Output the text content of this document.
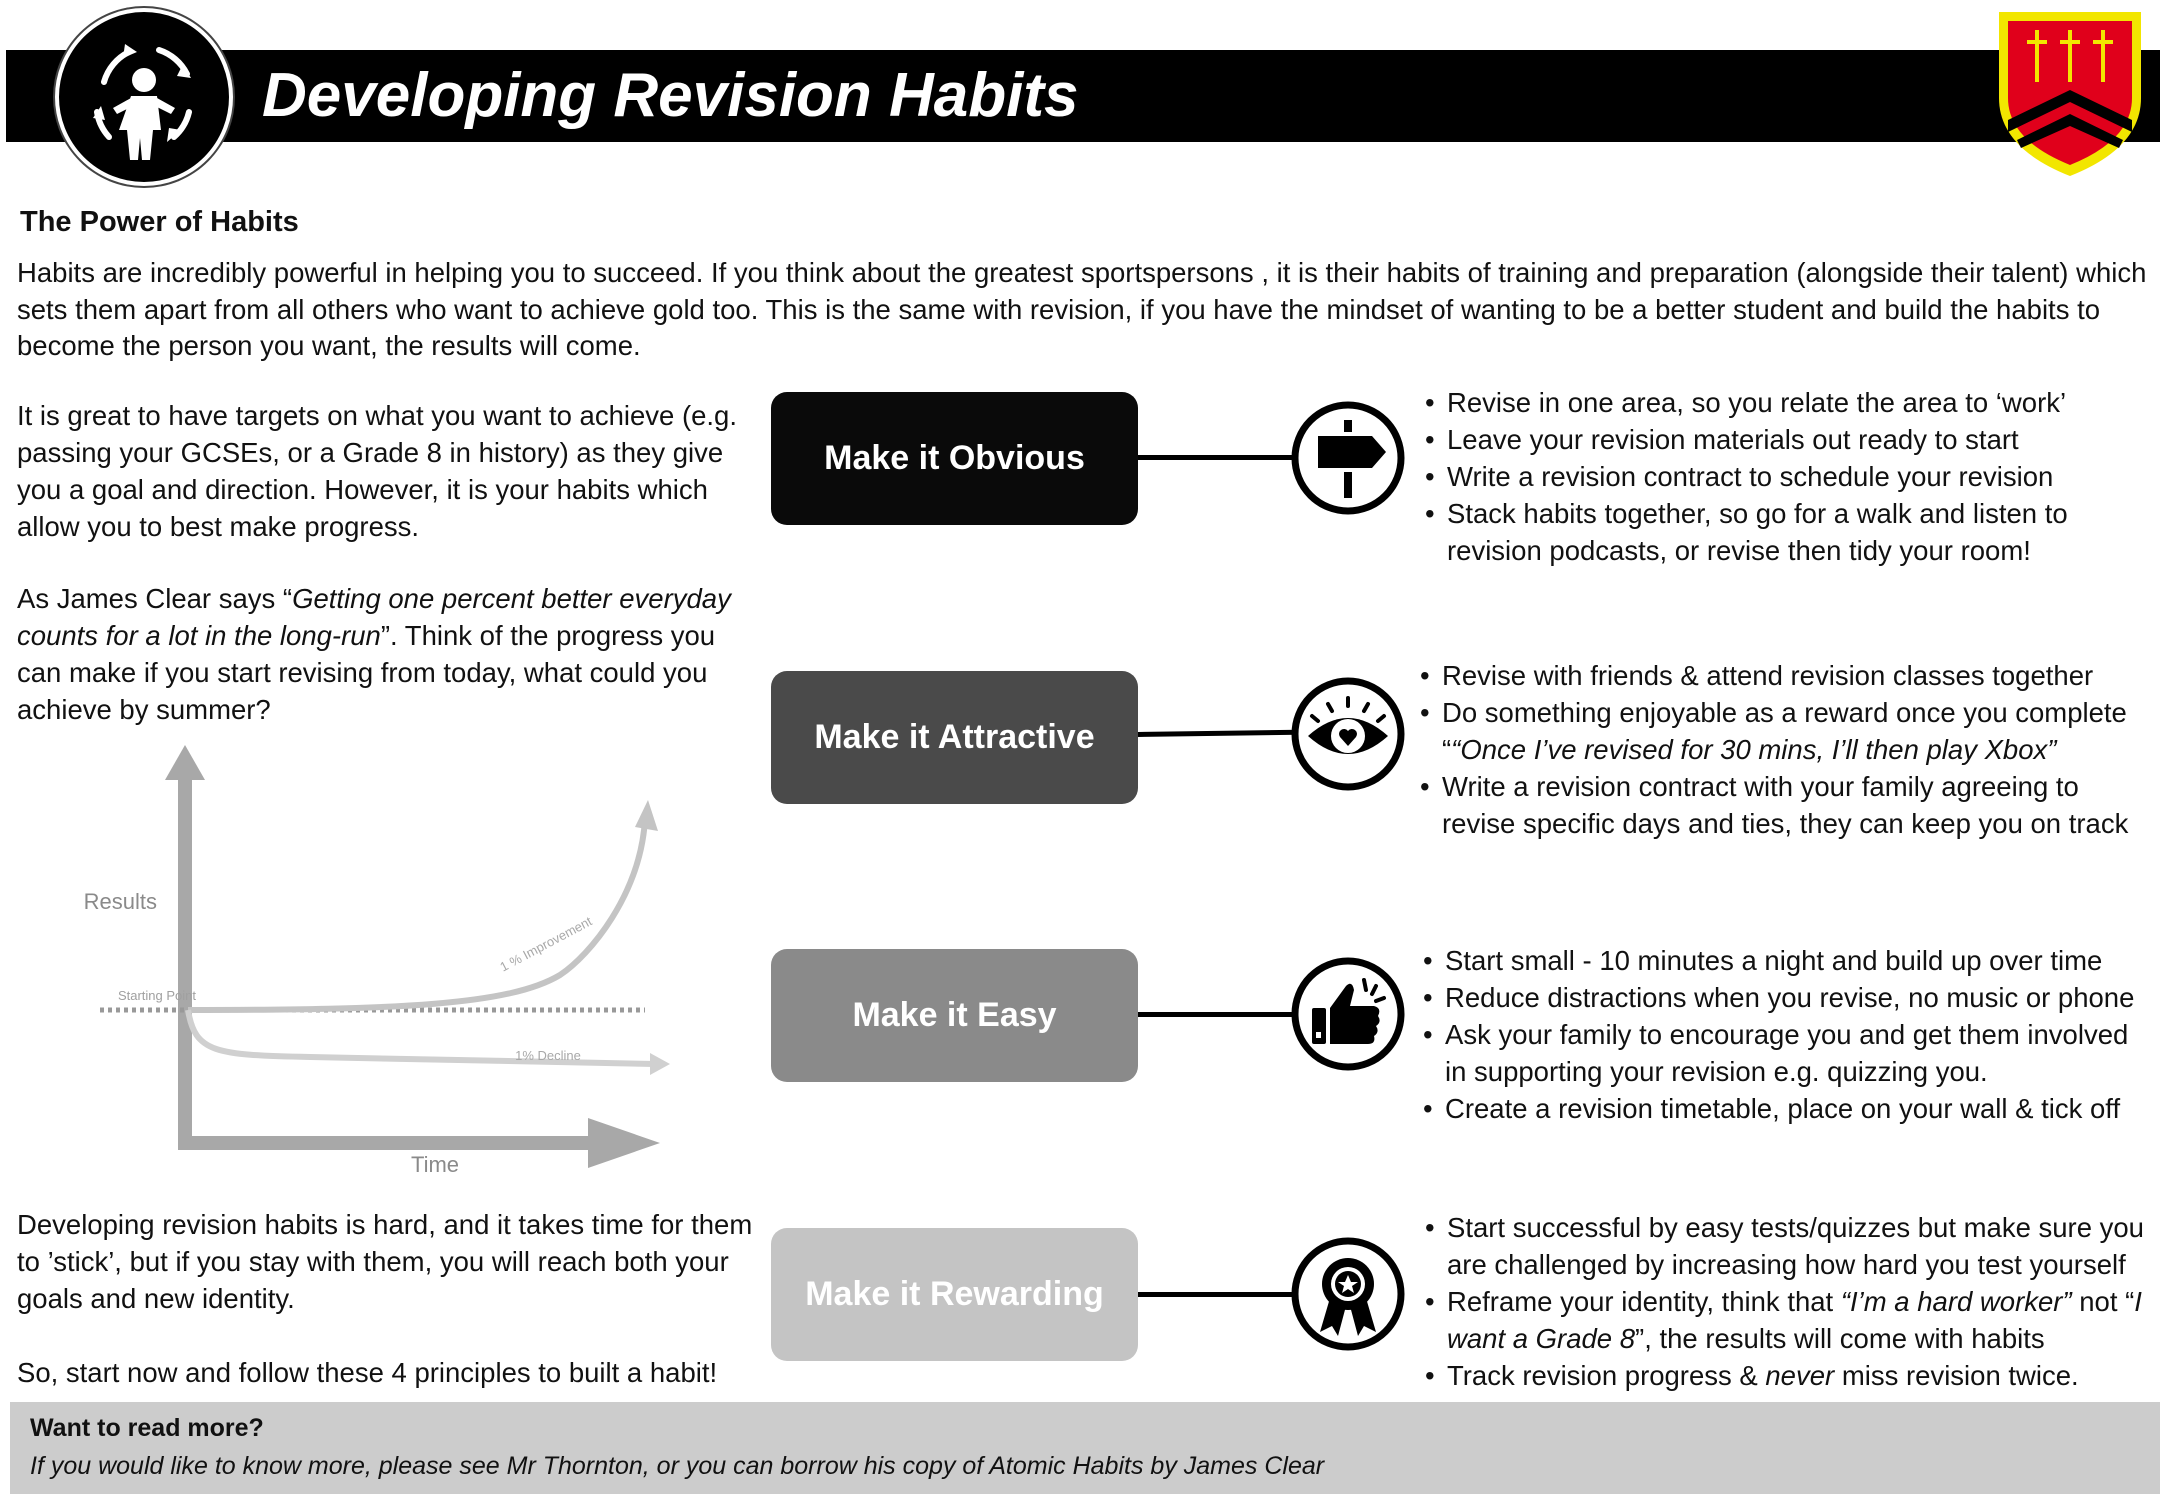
Developing Revision Habits
The Power of Habits
Habits are incredibly powerful in helping you to succeed. If you think about the greatest sportspersons , it is their habits of training and preparation (alongside their talent) which sets them apart from all others who want to achieve gold too. This is the same with revision, if you have the mindset of wanting to be a better student and build the habits to become the person you want, the results will come.
It is great to have targets on what you want to achieve (e.g. passing your GCSEs, or a Grade 8 in history) as they give you a goal and direction. However, it is your habits which allow you to best make progress.
As James Clear says “Getting one percent better everyday counts for a lot in the long-run”. Think of the progress you can make if you start revising from today, what could you achieve by summer?
Results
Time
Starting Point
1 % Improvement
1% Decline
Developing revision habits is hard, and it takes time for them to ’stick’, but if you stay with them, you will reach both your goals and new identity.
So, start now and follow these 4 principles to built a habit!
Make it Obvious
• Revise in one area, so you relate the area to ‘work’
• Leave your revision materials out ready to start
• Write a revision contract to schedule your revision
• Stack habits together, so go for a walk and listen to revision podcasts, or revise then tidy your room!
Make it Attractive
• Revise with friends & attend revision classes together
• Do something enjoyable as a reward once you complete ““Once I’ve revised for 30 mins, I’ll then play Xbox”
• Write a revision contract with your family agreeing to revise specific days and ties, they can keep you on track
Make it Easy
• Start small - 10 minutes a night and build up over time
• Reduce distractions when you revise, no music or phone
• Ask your family to encourage you and get them involved in supporting your revision e.g. quizzing you.
• Create a revision timetable, place on your wall & tick off
Make it Rewarding
• Start successful by easy tests/quizzes but make sure you are challenged by increasing how hard you test yourself
• Reframe your identity, think that “I’m a hard worker” not “I want a Grade 8”, the results will come with habits
• Track revision progress & never miss revision twice.
Want to read more?
If you would like to know more, please see Mr Thornton, or you can borrow his copy of Atomic Habits by James Clear
